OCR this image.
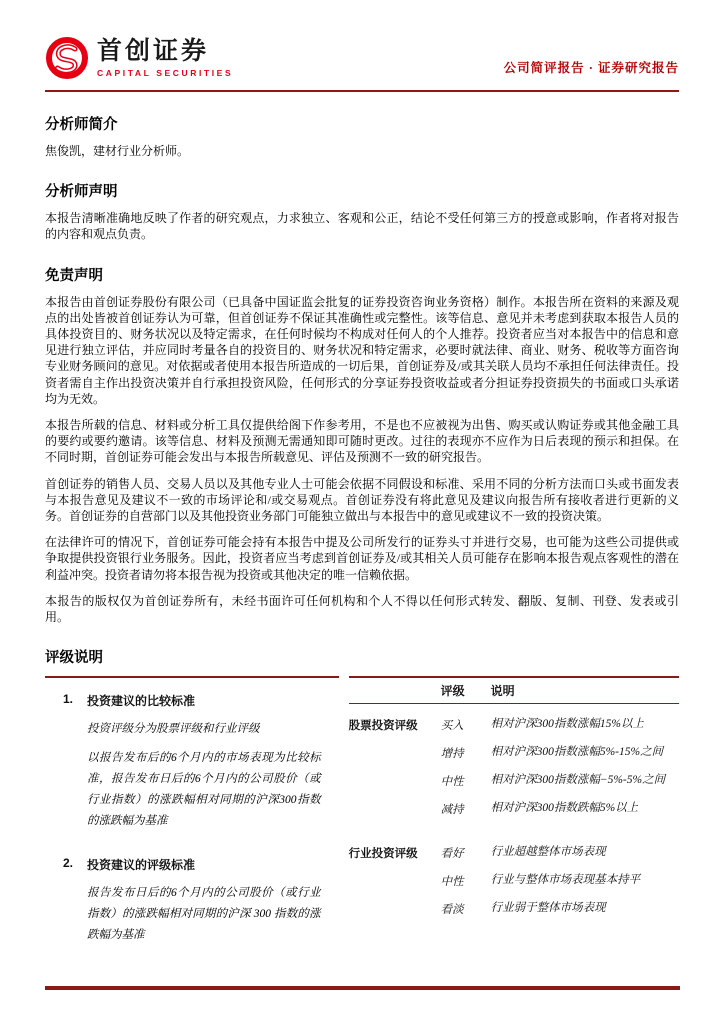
首创证券
CAPITAL SECURITIES	公司简评报告 · 证券研究报告
分析师简介

焦俊凯，建材行业分析师。

分析师声明

本报告清晰准确地反映了作者的研究观点，力求独立、客观和公正，结论不受任何第三方的授意或影响，作者将对报告的内容和观点负责。

免责声明

本报告由首创证券股份有限公司（已具备中国证监会批复的证券投资咨询业务资格）制作。本报告所在资料的来源及观点的出处皆被首创证券认为可靠，但首创证券不保证其准确性或完整性。该等信息、意见并未考虑到获取本报告人员的具体投资目的、财务状况以及特定需求，在任何时候均不构成对任何人的个人推荐。投资者应当对本报告中的信息和意见进行独立评估，并应同时考量各自的投资目的、财务状况和特定需求，必要时就法律、商业、财务、税收等方面咨询专业财务顾问的意见。对依据或者使用本报告所造成的一切后果，首创证券及/或其关联人员均不承担任何法律责任。投资者需自主作出投资决策并自行承担投资风险，任何形式的分享证券投资收益或者分担证券投资损失的书面或口头承诺均为无效。

本报告所载的信息、材料或分析工具仅提供给阁下作参考用，不是也不应被视为出售、购买或认购证券或其他金融工具的要约或要约邀请。该等信息、材料及预测无需通知即可随时更改。过往的表现亦不应作为日后表现的预示和担保。在不同时期，首创证券可能会发出与本报告所载意见、评估及预测不一致的研究报告。

首创证券的销售人员、交易人员以及其他专业人士可能会依据不同假设和标准、采用不同的分析方法而口头或书面发表与本报告意见及建议不一致的市场评论和/或交易观点。首创证券没有将此意见及建议向报告所有接收者进行更新的义务。首创证券的自营部门以及其他投资业务部门可能独立做出与本报告中的意见或建议不一致的投资决策。

在法律许可的情况下，首创证券可能会持有本报告中提及公司所发行的证券头寸并进行交易，也可能为这些公司提供或争取提供投资银行业务服务。因此，投资者应当考虑到首创证券及/或其相关人员可能存在影响本报告观点客观性的潜在利益冲突。投资者请勿将本报告视为投资或其他决定的唯一信赖依据。

本报告的版权仅为首创证券所有，未经书面许可任何机构和个人不得以任何形式转发、翻版、复制、刊登、发表或引用。

评级说明
1.	投资建议的比较标准
投资评级分为股票评级和行业评级
以报告发布后的6个月内的市场表现为比较标准，报告发布日后的6个月内的公司股价（或行业指数）的涨跌幅相对同期的沪深300指数的涨跌幅为基准
2.	投资建议的评级标准
报告发布日后的6个月内的公司股价（或行业指数）的涨跌幅相对同期的沪深 300 指数的涨跌幅为基准
评级	说明
股票投资评级	买入	相对沪深300指数涨幅15%以上
增持	相对沪深300指数涨幅5%-15%之间
中性	相对沪深300指数涨幅−5%-5%之间
减持	相对沪深300指数跌幅5%以上
行业投资评级	看好	行业超越整体市场表现
中性	行业与整体市场表现基本持平
看淡	行业弱于整体市场表现
